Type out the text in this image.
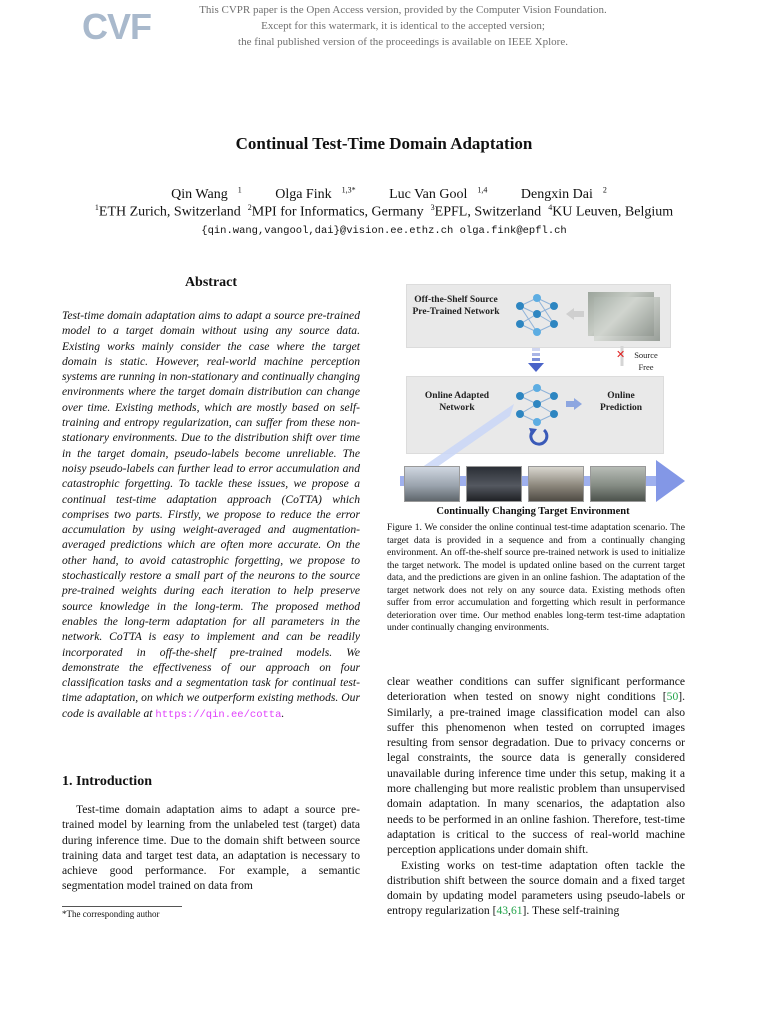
CVF	This CVPR paper is the Open Access version, provided by the Computer Vision Foundation.
Except for this watermark, it is identical to the accepted version;
the final published version of the proceedings is available on IEEE Xplore.
Continual Test-Time Domain Adaptation
Qin Wang $^1$ Olga Fink $^{1,3*}$ Luc Van Gool $^{1,4}$ Dengxin Dai $^2$
$^1$ETH Zurich, Switzerland $^2$MPI for Informatics, Germany $^3$EPFL, Switzerland $^4$KU Leuven, Belgium
{qin.wang,vangool,dai}@vision.ee.ethz.ch olga.fink@epfl.ch
Abstract
Test-time domain adaptation aims to adapt a source pre-trained model to a target domain without using any source data. Existing works mainly consider the case where the target domain is static. However, real-world machine perception systems are running in non-stationary and continually changing environments where the target domain distribution can change over time. Existing methods, which are mostly based on self-training and entropy regularization, can suffer from these non-stationary environments. Due to the distribution shift over time in the target domain, pseudo-labels become unreliable. The noisy pseudo-labels can further lead to error accumulation and catastrophic forgetting. To tackle these issues, we propose a continual test-time adaptation approach (CoTTA) which comprises two parts. Firstly, we propose to reduce the error accumulation by using weight-averaged and augmentation-averaged predictions which are often more accurate. On the other hand, to avoid catastrophic forgetting, we propose to stochastically restore a small part of the neurons to the source pre-trained weights during each iteration to help preserve source knowledge in the long-term. The proposed method enables the long-term adaptation for all parameters in the network. CoTTA is easy to implement and can be readily incorporated in off-the-shelf pre-trained models. We demonstrate the effectiveness of our approach on four classification tasks and a segmentation task for continual test-time adaptation, on which we outperform existing methods. Our code is available at https://qin.ee/cotta.
1. Introduction
Test-time domain adaptation aims to adapt a source pre-trained model by learning from the unlabeled test (target) data during inference time. Due to the domain shift between source training data and target test data, an adaptation is necessary to achieve good performance. For example, a semantic segmentation model trained on data from
*The corresponding author
Off-the-Shelf Source Pre-Trained Network
✕	Source Free
Online Adapted Network
Online Prediction
Continually Changing Target Environment
Figure 1. We consider the online continual test-time adaptation scenario. The target data is provided in a sequence and from a continually changing environment. An off-the-shelf source pre-trained network is used to initialize the target network. The model is updated online based on the current target data, and the predictions are given in an online fashion. The adaptation of the target network does not rely on any source data. Existing methods often suffer from error accumulation and forgetting which result in performance deterioration over time. Our method enables long-term test-time adaptation under continually changing environments.

clear weather conditions can suffer significant performance deterioration when tested on snowy night conditions [50]. Similarly, a pre-trained image classification model can also suffer this phenomenon when tested on corrupted images resulting from sensor degradation. Due to privacy concerns or legal constraints, the source data is generally considered unavailable during inference time under this setup, making it a more challenging but more realistic problem than unsupervised domain adaptation. In many scenarios, the adaptation also needs to be performed in an online fashion. Therefore, test-time adaptation is critical to the success of real-world machine perception applications under domain shift.

Existing works on test-time adaptation often tackle the distribution shift between the source domain and a fixed target domain by updating model parameters using pseudo-labels or entropy regularization [43,61]. These self-training
